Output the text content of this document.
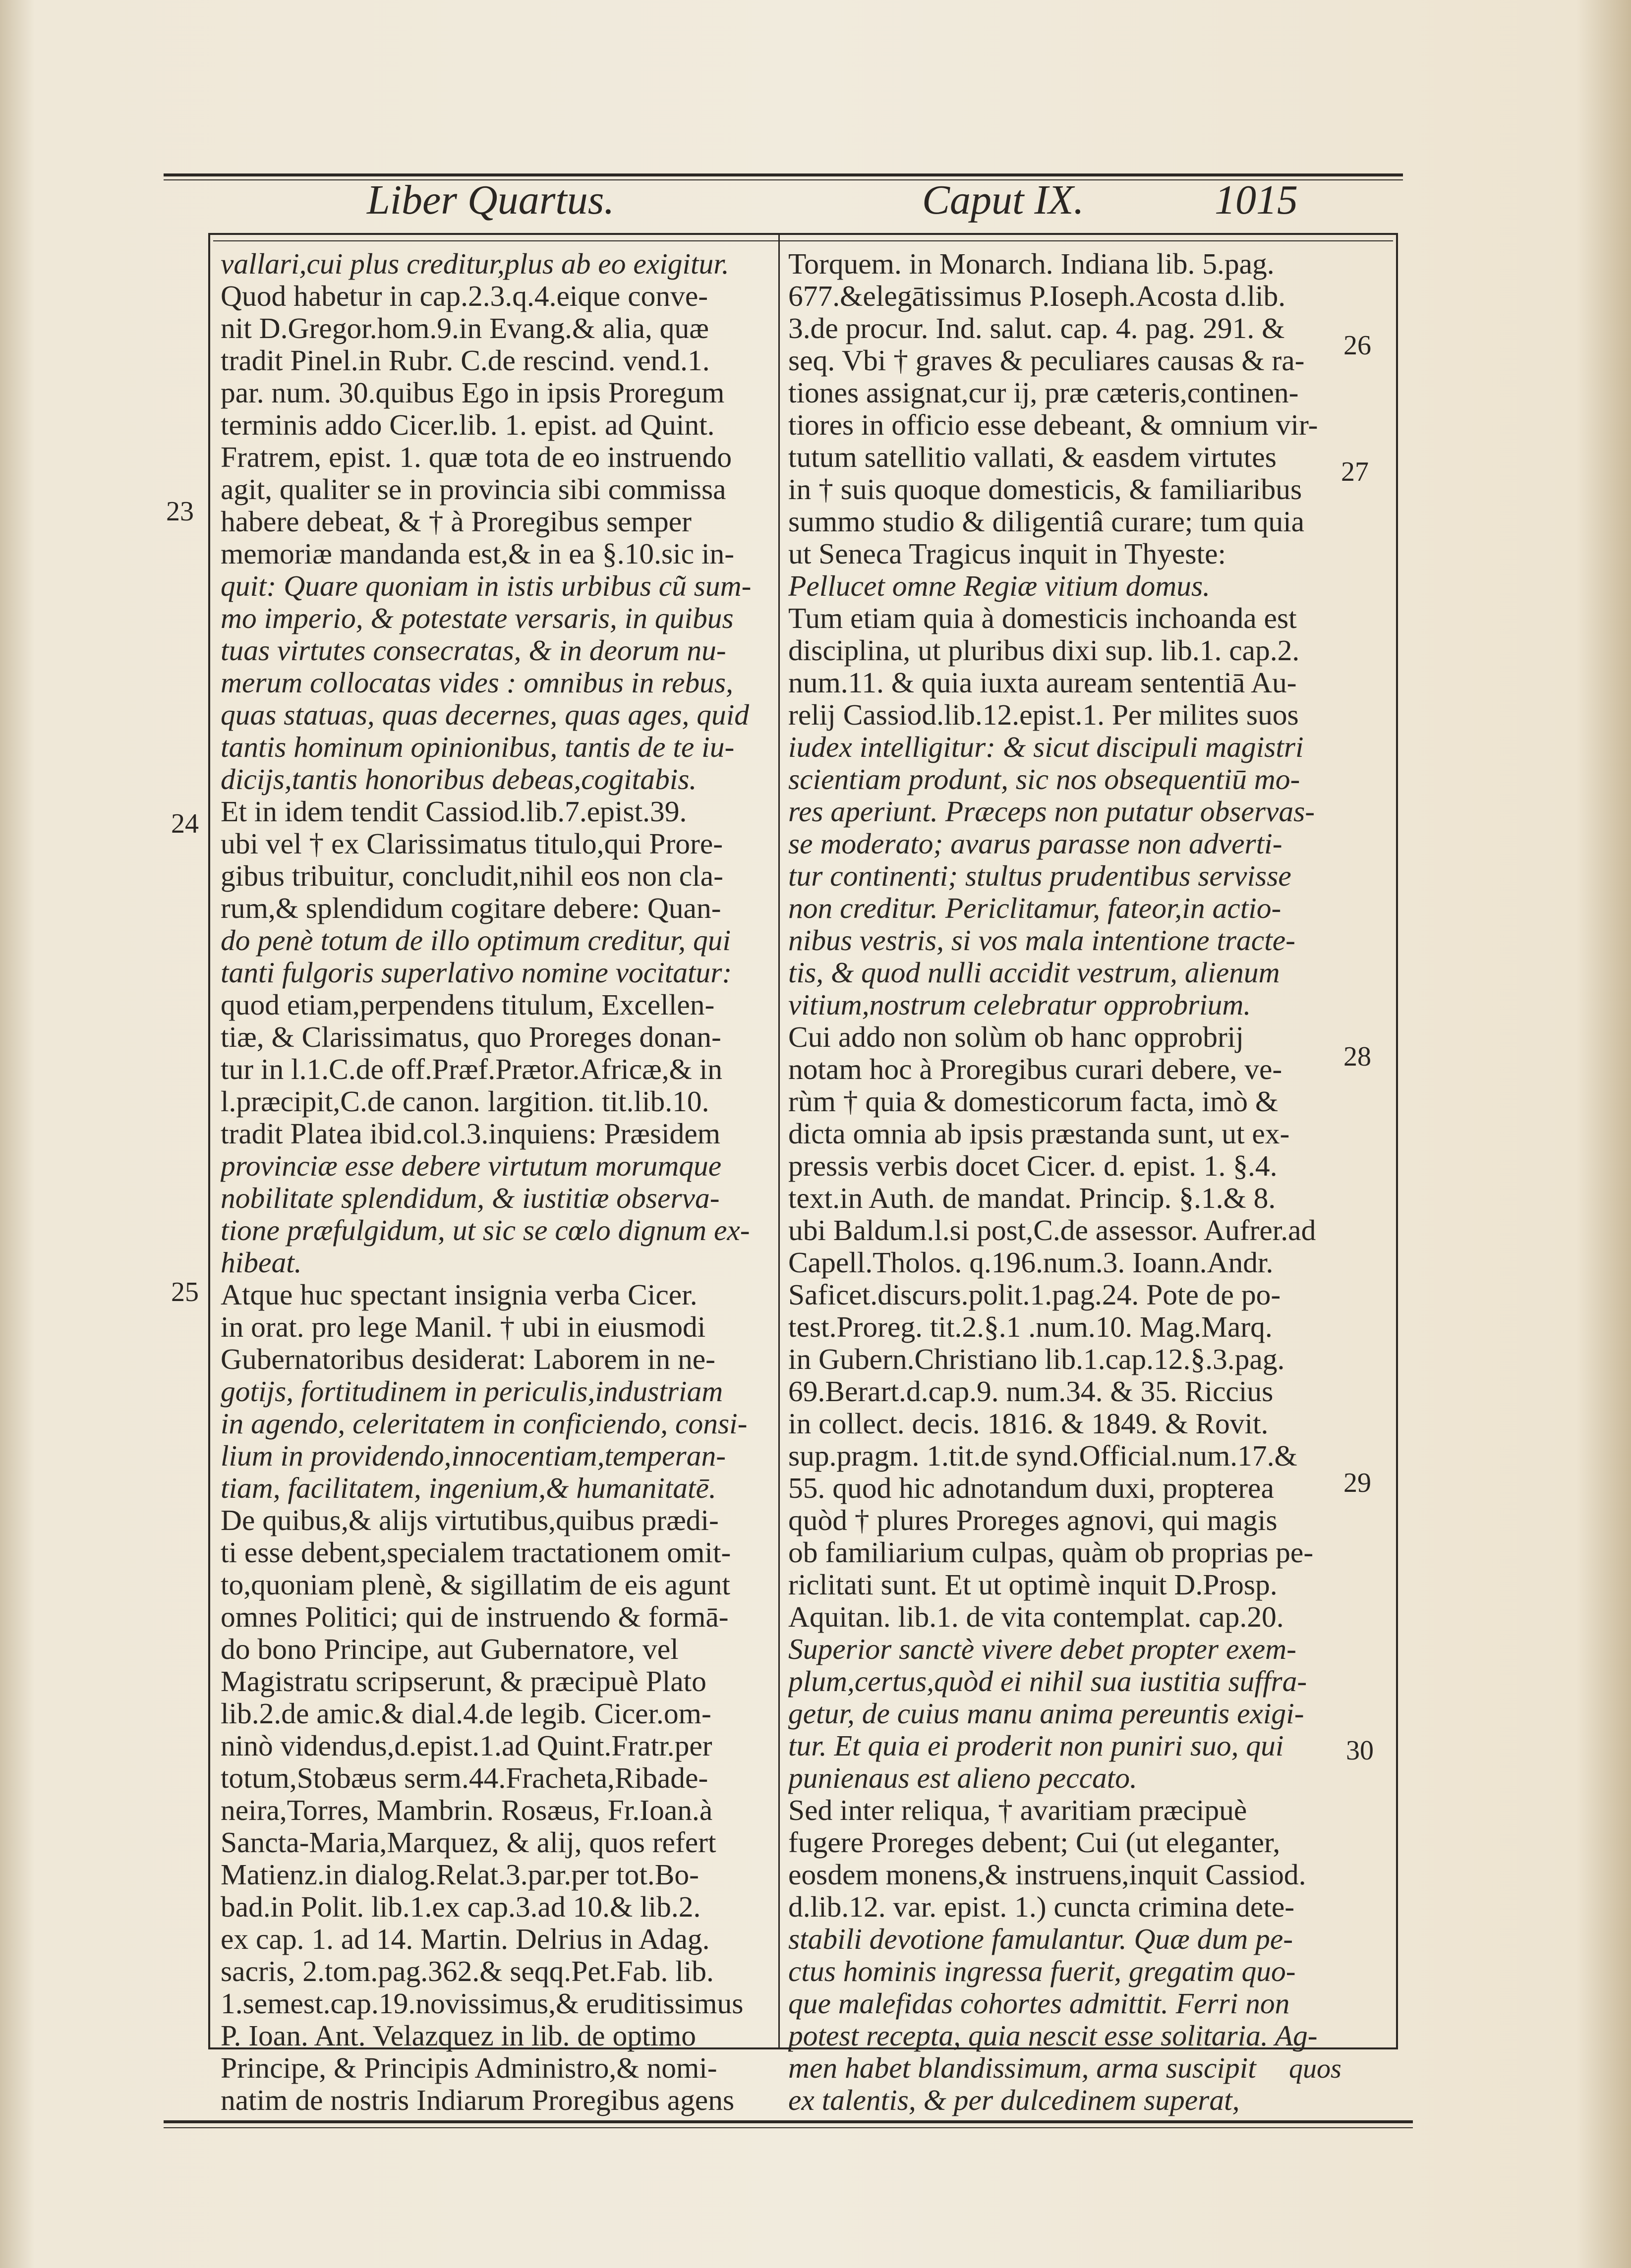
Liber Quartus.	Caput IX.	1015
vallari,cui plus creditur,plus ab eo exigitur.
Quod habetur in cap.2.3.q.4.eique conve-
nit D.Gregor.hom.9.in Evang.& alia, quæ
tradit Pinel.in Rubr. C.de rescind. vend.1.
par. num. 30.quibus Ego in ipsis Proregum
terminis addo Cicer.lib. 1. epist. ad Quint.
Fratrem, epist. 1. quæ tota de eo instruendo
agit, qualiter se in provincia sibi commissa
habere debeat, & † à Proregibus semper
memoriæ mandanda est,& in ea §.10.sic in-
quit: Quare quoniam in istis urbibus cũ sum-
mo imperio, & potestate versaris, in quibus
tuas virtutes consecratas, & in deorum nu-
merum collocatas vides : omnibus in rebus,
quas statuas, quas decernes, quas ages, quid
tantis hominum opinionibus, tantis de te iu-
dicijs,tantis honoribus debeas,cogitabis.
Et in idem tendit Cassiod.lib.7.epist.39.
ubi vel † ex Clarissimatus titulo,qui Prore-
gibus tribuitur, concludit,nihil eos non cla-
rum,& splendidum cogitare debere: Quan-
do penè totum de illo optimum creditur, qui
tanti fulgoris superlativo nomine vocitatur:
quod etiam,perpendens titulum, Excellen-
tiæ, & Clarissimatus, quo Proreges donan-
tur in l.1.C.de off.Præf.Prætor.Africæ,& in
l.præcipit,C.de canon. largition. tit.lib.10.
tradit Platea ibid.col.3.inquiens: Præsidem
provinciæ esse debere virtutum morumque
nobilitate splendidum, & iustitiæ observa-
tione præfulgidum, ut sic se cœlo dignum ex-
hibeat.
Atque huc spectant insignia verba Cicer.
in orat. pro lege Manil. † ubi in eiusmodi
Gubernatoribus desiderat: Laborem in ne-
gotijs, fortitudinem in periculis,industriam
in agendo, celeritatem in conficiendo, consi-
lium in providendo,innocentiam,temperan-
tiam, facilitatem, ingenium,& humanitatē.
De quibus,& alijs virtutibus,quibus prædi-
ti esse debent,specialem tractationem omit-
to,quoniam plenè, & sigillatim de eis agunt
omnes Politici; qui de instruendo & formā-
do bono Principe, aut Gubernatore, vel
Magistratu scripserunt, & præcipuè Plato
lib.2.de amic.& dial.4.de legib. Cicer.om-
ninò videndus,d.epist.1.ad Quint.Fratr.per
totum,Stobæus serm.44.Fracheta,Ribade-
neira,Torres, Mambrin. Rosæus, Fr.Ioan.à
Sancta-Maria,Marquez, & alij, quos refert
Matienz.in dialog.Relat.3.par.per tot.Bo-
bad.in Polit. lib.1.ex cap.3.ad 10.& lib.2.
ex cap. 1. ad 14. Martin. Delrius in Adag.
sacris, 2.tom.pag.362.& seqq.Pet.Fab. lib.
1.semest.cap.19.novissimus,& eruditissimus
P. Ioan. Ant. Velazquez in lib. de optimo
Principe, & Principis Administro,& nomi-
natim de nostris Indiarum Proregibus agens
Torquem. in Monarch. Indiana lib. 5.pag.
677.&elegātissimus P.Ioseph.Acosta d.lib.
3.de procur. Ind. salut. cap. 4. pag. 291. &
seq. Vbi † graves & peculiares causas & ra-
tiones assignat,cur ij, præ cæteris,continen-
tiores in officio esse debeant, & omnium vir-
tutum satellitio vallati, & easdem virtutes
in † suis quoque domesticis, & familiaribus
summo studio & diligentiâ curare; tum quia
ut Seneca Tragicus inquit in Thyeste:
Pellucet omne Regiæ vitium domus.
Tum etiam quia à domesticis inchoanda est
disciplina, ut pluribus dixi sup. lib.1. cap.2.
num.11. & quia iuxta auream sententiā Au-
relij Cassiod.lib.12.epist.1. Per milites suos
iudex intelligitur: & sicut discipuli magistri
scientiam produnt, sic nos obsequentiū mo-
res aperiunt. Præceps non putatur observas-
se moderato; avarus parasse non adverti-
tur continenti; stultus prudentibus servisse
non creditur. Periclitamur, fateor,in actio-
nibus vestris, si vos mala intentione tracte-
tis, & quod nulli accidit vestrum, alienum
vitium,nostrum celebratur opprobrium.
Cui addo non solùm ob hanc opprobrij
notam hoc à Proregibus curari debere, ve-
rùm † quia & domesticorum facta, imò &
dicta omnia ab ipsis præstanda sunt, ut ex-
pressis verbis docet Cicer. d. epist. 1. §.4.
text.in Auth. de mandat. Princip. §.1.& 8.
ubi Baldum.l.si post,C.de assessor. Aufrer.ad
Capell.Tholos. q.196.num.3. Ioann.Andr.
Saficet.discurs.polit.1.pag.24. Pote de po-
test.Proreg. tit.2.§.1 .num.10. Mag.Marq.
in Gubern.Christiano lib.1.cap.12.§.3.pag.
69.Berart.d.cap.9. num.34. & 35. Riccius
in collect. decis. 1816. & 1849. & Rovit.
sup.pragm. 1.tit.de synd.Official.num.17.&
55. quod hic adnotandum duxi, propterea
quòd † plures Proreges agnovi, qui magis
ob familiarium culpas, quàm ob proprias pe-
riclitati sunt. Et ut optimè inquit D.Prosp.
Aquitan. lib.1. de vita contemplat. cap.20.
Superior sanctè vivere debet propter exem-
plum,certus,quòd ei nihil sua iustitia suffra-
getur, de cuius manu anima pereuntis exigi-
tur. Et quia ei proderit non puniri suo, qui
punienaus est alieno peccato.
Sed inter reliqua, † avaritiam præcipuè
fugere Proreges debent; Cui (ut eleganter,
eosdem monens,& instruens,inquit Cassiod.
d.lib.12. var. epist. 1.) cuncta crimina dete-
stabili devotione famulantur. Quæ dum pe-
ctus hominis ingressa fuerit, gregatim quo-
que malefidas cohortes admittit. Ferri non
potest recepta, quia nescit esse solitaria. Ag-
men habet blandissimum, arma suscipit
ex talentis, & per dulcedinem superat,
23
24
25
26
27
28
29
30
quos
